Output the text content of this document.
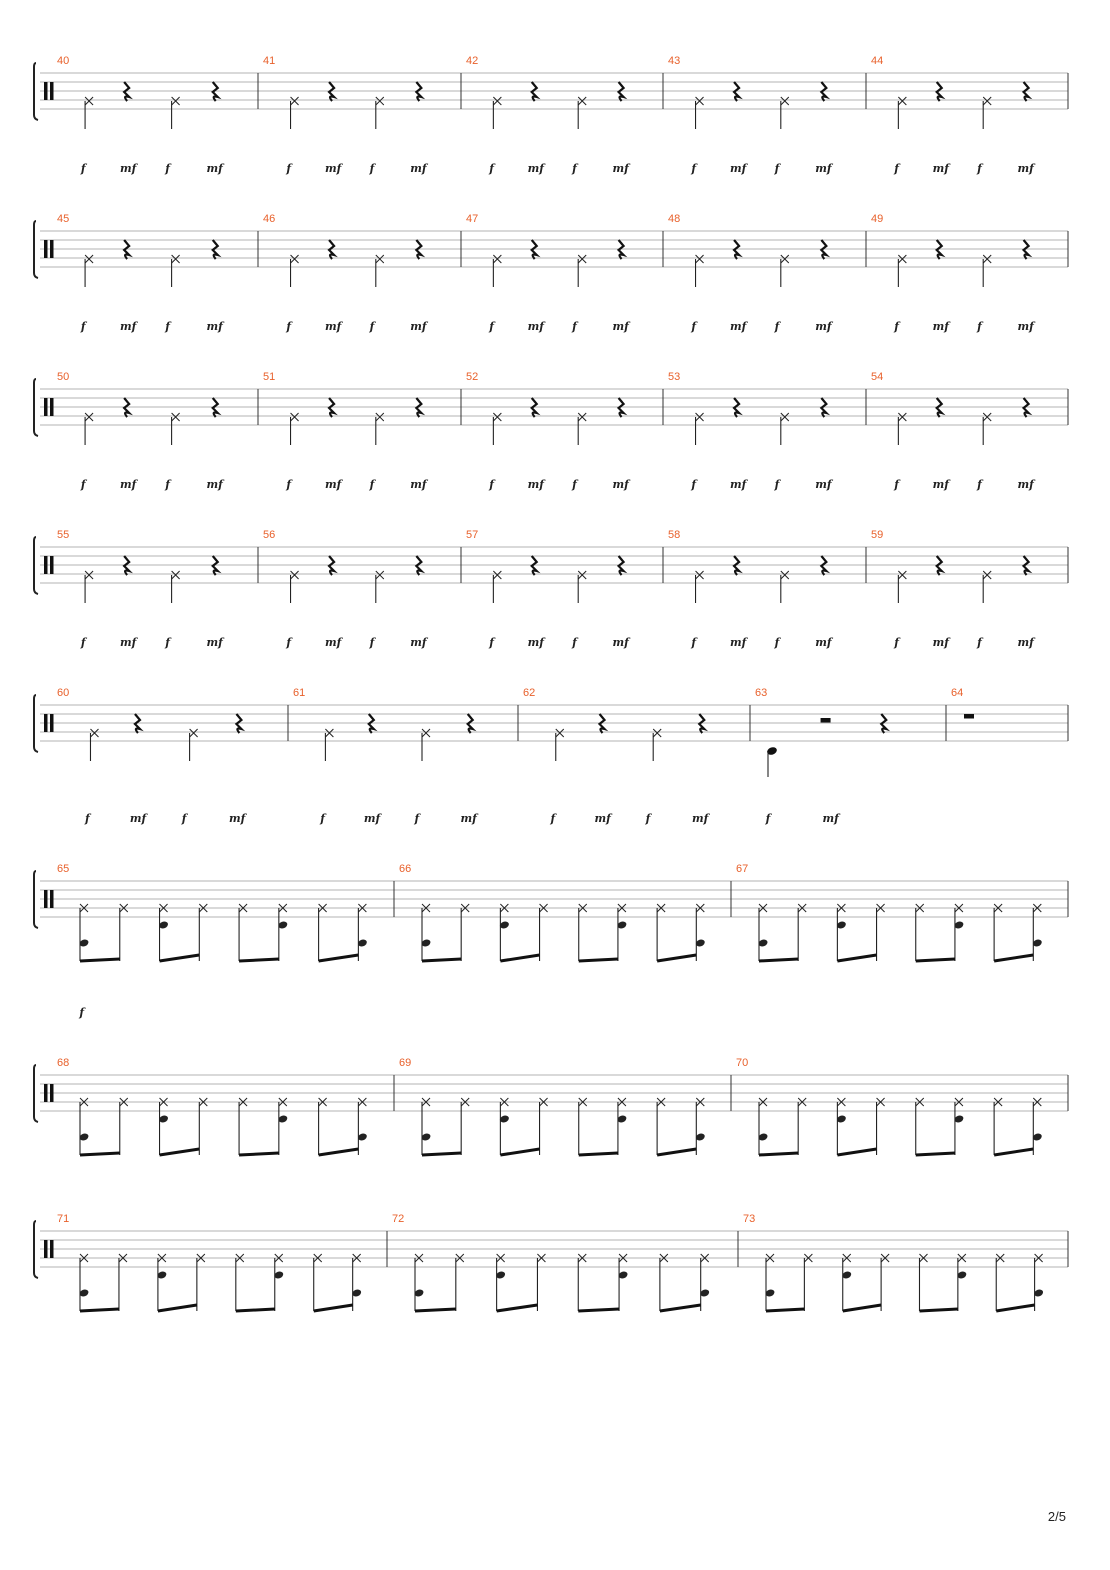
40	41	42	43	44
f	mf	f	mf	f	mf	f	mf	f	mf	f	mf	f	mf	f	mf	f	mf	f	mf
45	46	47	48	49
f	mf	f	mf	f	mf	f	mf	f	mf	f	mf	f	mf	f	mf	f	mf	f	mf
50	51	52	53	54
f	mf	f	mf	f	mf	f	mf	f	mf	f	mf	f	mf	f	mf	f	mf	f	mf
55	56	57	58	59
f	mf	f	mf	f	mf	f	mf	f	mf	f	mf	f	mf	f	mf	f	mf	f	mf
60	61	62	63	64
f	mf	f	mf	f	mf	f	mf	f	mf	f	mf	f	mf
65	66	67
f
68	69	70
71	72	73
2/5
